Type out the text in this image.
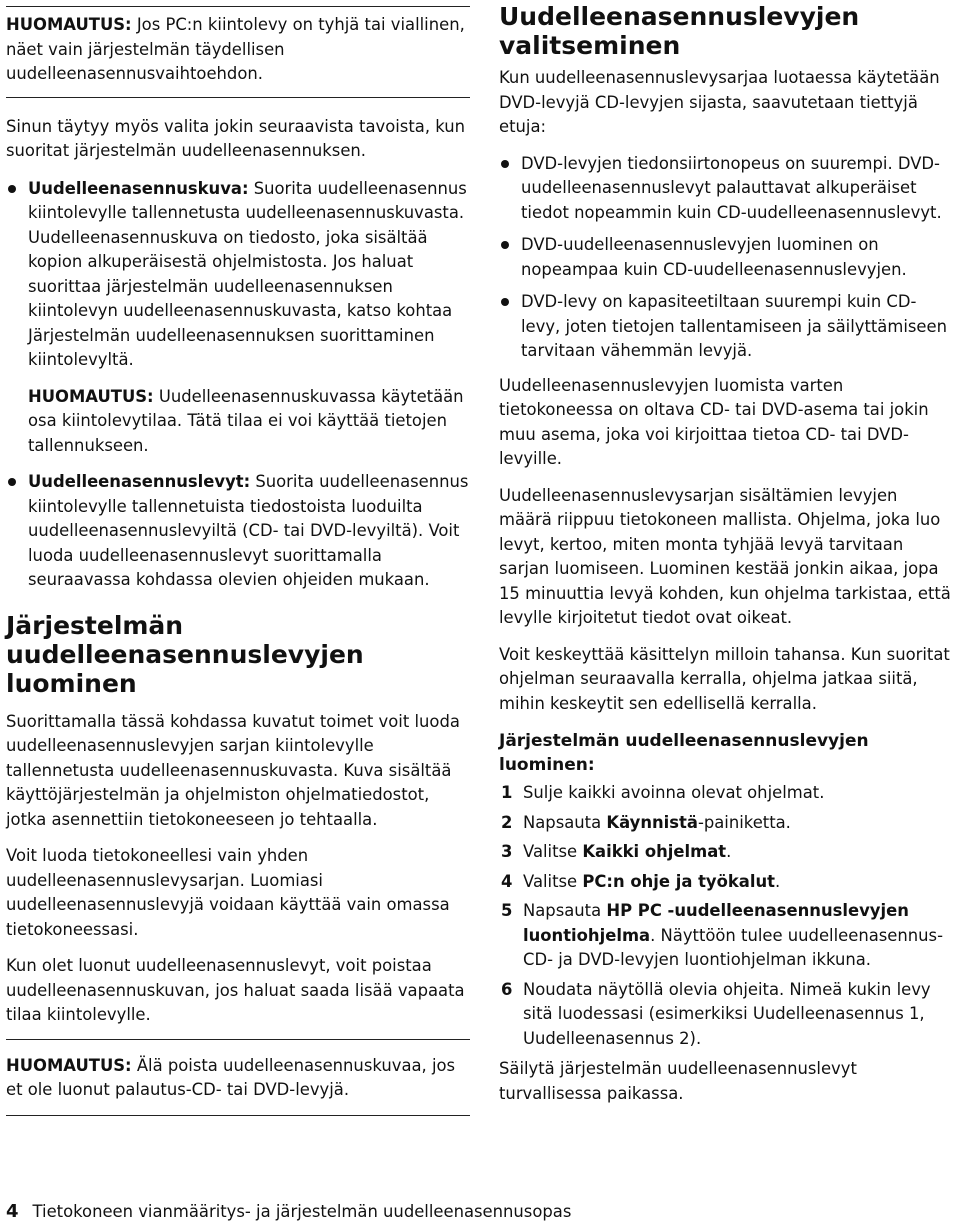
HUOMAUTUS: Jos PC:n kiintolevy on tyhjä tai viallinen, näet vain järjestelmän täydellisen uudelleenasennusvaihtoehdon.

Sinun täytyy myös valita jokin seuraavista tavoista, kun suoritat järjestelmän uudelleenasennuksen.

Uudelleenasennuskuva: Suorita uudelleenasennus kiintolevylle tallennetusta uudelleenasennuskuvasta. Uudelleenasennuskuva on tiedosto, joka sisältää kopion alkuperäisestä ohjelmistosta. Jos haluat suorittaa järjestelmän uudelleenasennuksen kiintolevyn uudelleenasennuskuvasta, katso kohtaa Järjestelmän uudelleenasennuksen suorittaminen kiintolevyltä.

HUOMAUTUS: Uudelleenasennuskuvassa käytetään osa kiintolevytilaa. Tätä tilaa ei voi käyttää tietojen tallennukseen.

Uudelleenasennuslevyt: Suorita uudelleenasennus kiintolevylle tallennetuista tiedostoista luoduilta uudelleenasennuslevyiltä (CD- tai DVD-levyiltä). Voit luoda uudelleenasennuslevyt suorittamalla seuraavassa kohdassa olevien ohjeiden mukaan.
Järjestelmän uudelleenasennuslevyjen luominen

Suorittamalla tässä kohdassa kuvatut toimet voit luoda uudelleenasennuslevyjen sarjan kiintolevylle tallennetusta uudelleenasennuskuvasta. Kuva sisältää käyttöjärjestelmän ja ohjelmiston ohjelmatiedostot, jotka asennettiin tietokoneeseen jo tehtaalla.

Voit luoda tietokoneellesi vain yhden uudelleenasennuslevysarjan. Luomiasi uudelleenasennuslevyjä voidaan käyttää vain omassa tietokoneessasi.

Kun olet luonut uudelleenasennuslevyt, voit poistaa uudelleenasennuskuvan, jos haluat saada lisää vapaata tilaa kiintolevylle.

HUOMAUTUS: Älä poista uudelleenasennuskuvaa, jos et ole luonut palautus-CD- tai DVD-levyjä.

Uudelleenasennuslevyjen valitseminen

Kun uudelleenasennuslevysarjaa luotaessa käytetään DVD-levyjä CD-levyjen sijasta, saavutetaan tiettyjä etuja:

DVD-levyjen tiedonsiirtonopeus on suurempi. DVD-uudelleenasennuslevyt palauttavat alkuperäiset tiedot nopeammin kuin CD-uudelleenasennuslevyt.
DVD-uudelleenasennuslevyjen luominen on nopeampaa kuin CD-uudelleenasennuslevyjen.
DVD-levy on kapasiteetiltaan suurempi kuin CD-levy, joten tietojen tallentamiseen ja säilyttämiseen tarvitaan vähemmän levyjä.

Uudelleenasennuslevyjen luomista varten tietokoneessa on oltava CD- tai DVD-asema tai jokin muu asema, joka voi kirjoittaa tietoa CD- tai DVD-levyille.

Uudelleenasennuslevysarjan sisältämien levyjen määrä riippuu tietokoneen mallista. Ohjelma, joka luo levyt, kertoo, miten monta tyhjää levyä tarvitaan sarjan luomiseen. Luominen kestää jonkin aikaa, jopa 15 minuuttia levyä kohden, kun ohjelma tarkistaa, että levylle kirjoitetut tiedot ovat oikeat.

Voit keskeyttää käsittelyn milloin tahansa. Kun suoritat ohjelman seuraavalla kerralla, ohjelma jatkaa siitä, mihin keskeytit sen edellisellä kerralla.

Järjestelmän uudelleenasennuslevyjen luominen:
1 Sulje kaikki avoinna olevat ohjelmat.
2 Napsauta Käynnistä-painiketta.
3 Valitse Kaikki ohjelmat.
4 Valitse PC:n ohje ja työkalut.
5 Napsauta HP PC -uudelleenasennuslevyjen luontiohjelma. Näyttöön tulee uudelleenasennus-CD- ja DVD-levyjen luontiohjelman ikkuna.
6 Noudata näytöllä olevia ohjeita. Nimeä kukin levy sitä luodessasi (esimerkiksi Uudelleenasennus 1, Uudelleenasennus 2).

Säilytä järjestelmän uudelleenasennuslevyt turvallisessa paikassa.

4 Tietokoneen vianmääritys- ja järjestelmän uudelleenasennusopas
